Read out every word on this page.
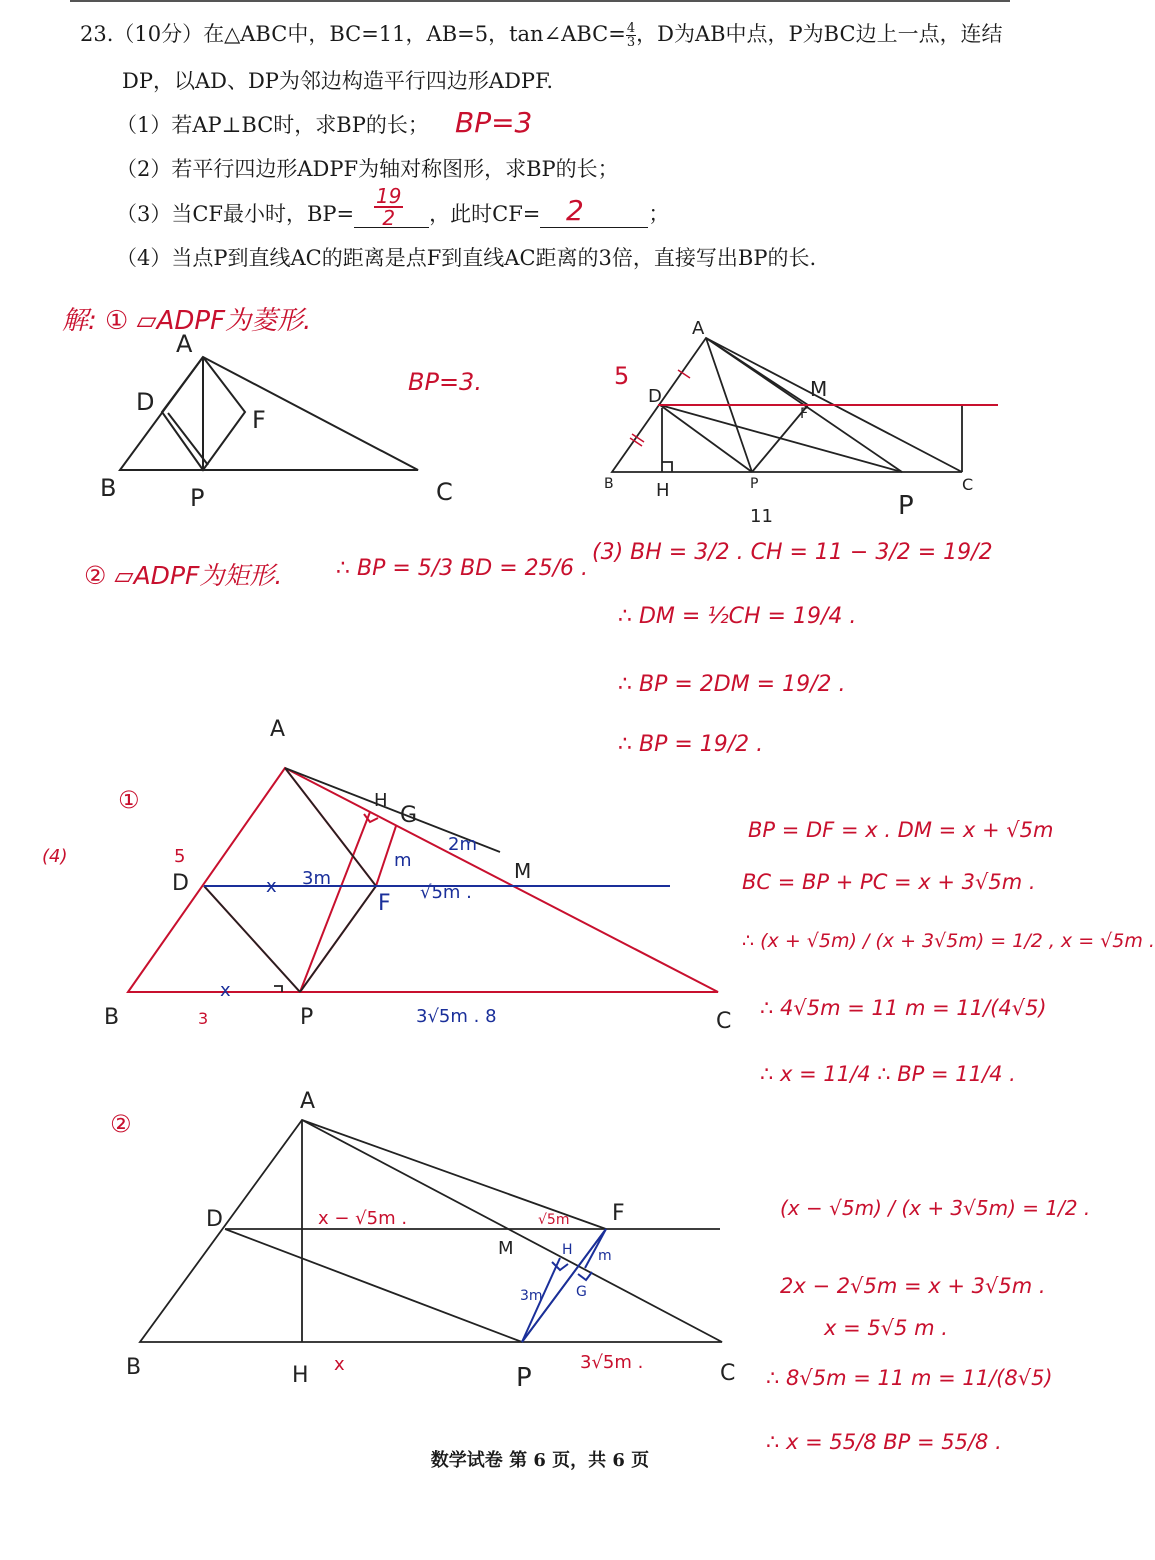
23.（10分）在△ABC中，BC=11，AB=5，tan∠ABC= $\frac{4}{3}$ ，D为AB中点，P为BC边上一点，连结
DP，以AD、DP为邻边构造平行四边形ADPF.
（1）若AP⊥BC时，求BP的长； BP=3
（2）若平行四边形ADPF为轴对称图形，求BP的长；
（3）当CF最小时，BP=	，此时CF=	；
$\frac{19}{2}$	2
（4）当点P到直线AC的距离是点F到直线AC距离的3倍，直接写出BP的长.
解: ① ▱ADPF为菱形.
A
D
F
B	P	C
BP=3.
A
D	M
F
B H	P
P
C
11
5
② ▱ADPF为矩形. ∴ BP = 5/3 BD = 25/6 .
(3) BH = 3/2 . CH = 11 − 3/2 = 19/2
∴ DM = ½CH = 19/4 .
∴ BP = 2DM = 19/2 .
∴ BP = 19/2 .
(4)
①
A
D
B	P	C
H
G
M
F
m
2m
x 3m
√5m .
x
3√5m . 8
5
3
BP = DF = x . DM = x + √5m
BC = BP + PC = x + 3√5m .
∴ (x + √5m) / (x + 3√5m) = 1/2 , x = √5m .
∴ 4√5m = 11 m = 11/(4√5)
∴ x = 11/4 ∴ BP = 11/4 .
②
A
D	F
M
B	H	P	C
H
G
m
3m
x − √5m .	√5m
x	3√5m .
(x − √5m) / (x + 3√5m) = 1/2 .
2x − 2√5m = x + 3√5m .
x = 5√5 m .
∴ 8√5m = 11 m = 11/(8√5)
∴ x = 55/8 BP = 55/8 .
数学试卷 第 6 页，共 6 页
